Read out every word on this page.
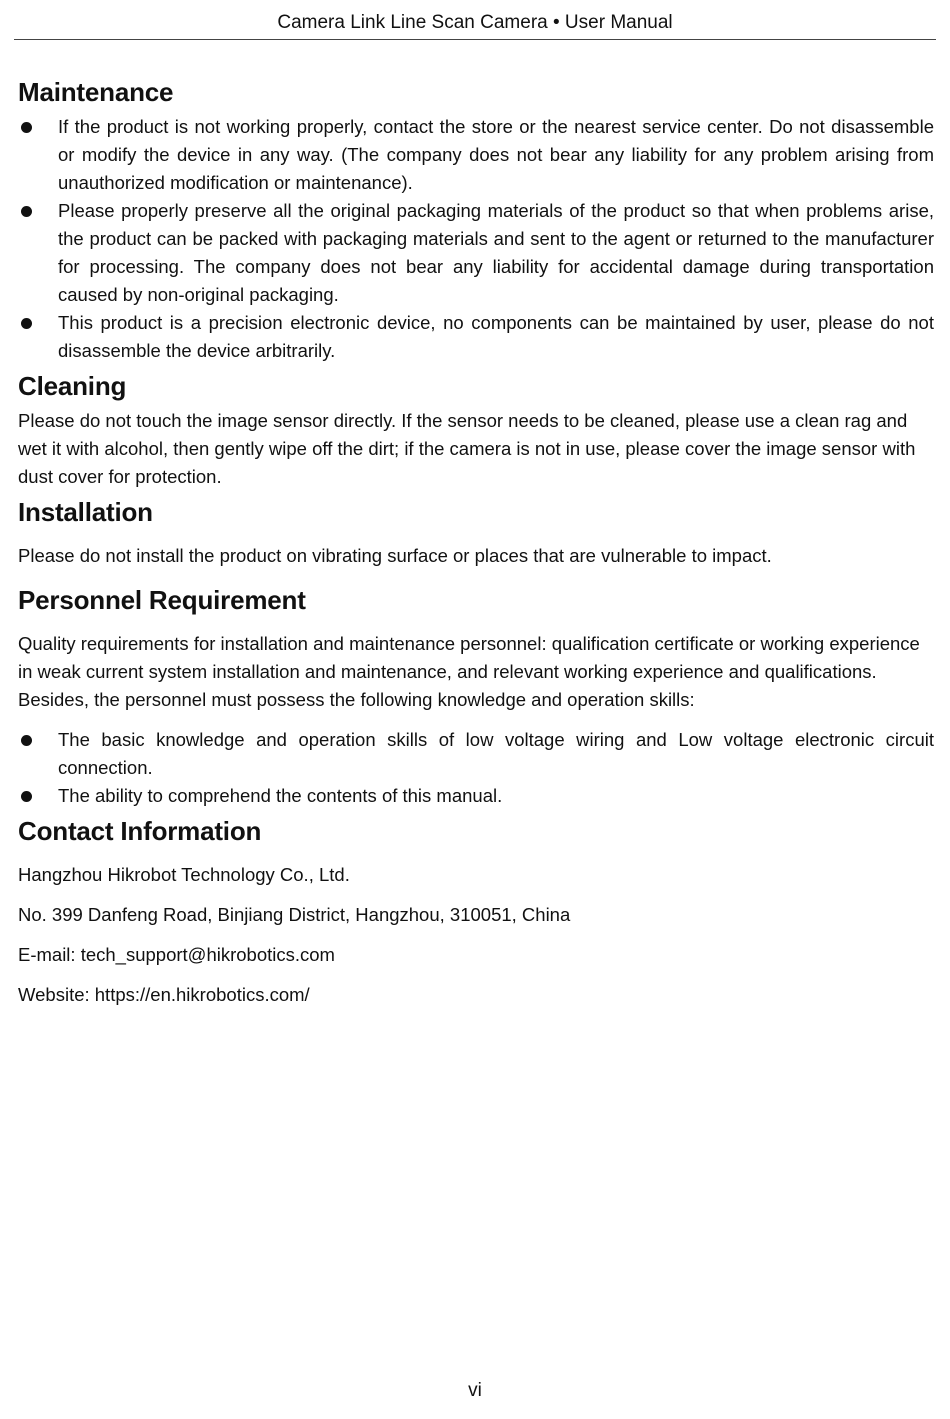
Camera Link Line Scan Camera • User Manual
Maintenance
If the product is not working properly, contact the store or the nearest service center. Do not disassemble or modify the device in any way. (The company does not bear any liability for any problem arising from unauthorized modification or maintenance).
Please properly preserve all the original packaging materials of the product so that when problems arise, the product can be packed with packaging materials and sent to the agent or returned to the manufacturer for processing. The company does not bear any liability for accidental damage during transportation caused by non-original packaging.
This product is a precision electronic device, no components can be maintained by user, please do not disassemble the device arbitrarily.
Cleaning

Please do not touch the image sensor directly. If the sensor needs to be cleaned, please use a clean rag and wet it with alcohol, then gently wipe off the dirt; if the camera is not in use, please cover the image sensor with dust cover for protection.

Installation

Please do not install the product on vibrating surface or places that are vulnerable to impact.

Personnel Requirement

Quality requirements for installation and maintenance personnel: qualification certificate or working experience in weak current system installation and maintenance, and relevant working experience and qualifications. Besides, the personnel must possess the following knowledge and operation skills:

The basic knowledge and operation skills of low voltage wiring and Low voltage electronic circuit connection.
The ability to comprehend the contents of this manual.
Contact Information

Hangzhou Hikrobot Technology Co., Ltd.

No. 399 Danfeng Road, Binjiang District, Hangzhou, 310051, China

E-mail: tech_support@hikrobotics.com

Website: https://en.hikrobotics.com/

vi
